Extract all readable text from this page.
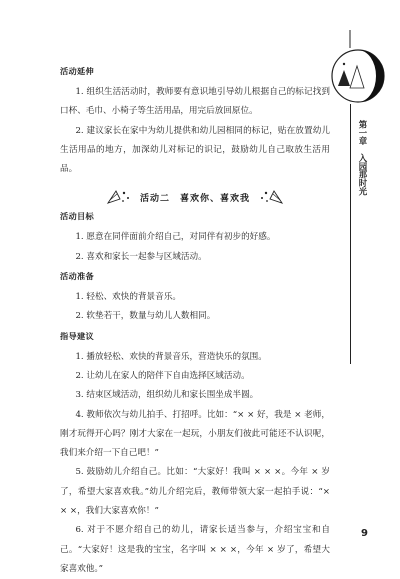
第一章　入园那时光
活动延伸

1. 组织生活活动时，教师要有意识地引导幼儿根据自己的标记找到口杯、毛巾、小椅子等生活用品，用完后放回原位。

2. 建议家长在家中为幼儿提供和幼儿园相同的标记，贴在放置幼儿生活用品的地方，加深幼儿对标记的识记，鼓励幼儿自己取放生活用品。

活动二　喜欢你、喜欢我
活动目标

1. 愿意在同伴面前介绍自己，对同伴有初步的好感。

2. 喜欢和家长一起参与区域活动。

活动准备

1. 轻松、欢快的背景音乐。

2. 软垫若干，数量与幼儿人数相同。

指导建议

1. 播放轻松、欢快的背景音乐，营造快乐的氛围。

2. 让幼儿在家人的陪伴下自由选择区域活动。

3. 结束区域活动，组织幼儿和家长围坐成半圆。

4. 教师依次与幼儿拍手、打招呼。比如：“× × 好，我是 × 老师，刚才玩得开心吗？刚才大家在一起玩，小朋友们彼此可能还不认识呢，我们来介绍一下自己吧！”

5. 鼓励幼儿介绍自己。比如：“大家好！我叫 × × ×。今年 × 岁了，希望大家喜欢我。”幼儿介绍完后，教师带领大家一起拍手说：“× × ×，我们大家喜欢你！”

6. 对于不愿介绍自己的幼儿，请家长适当参与，介绍宝宝和自己。“大家好！这是我的宝宝，名字叫 × × ×，今年 × 岁了，希望大家喜欢他。”

9
